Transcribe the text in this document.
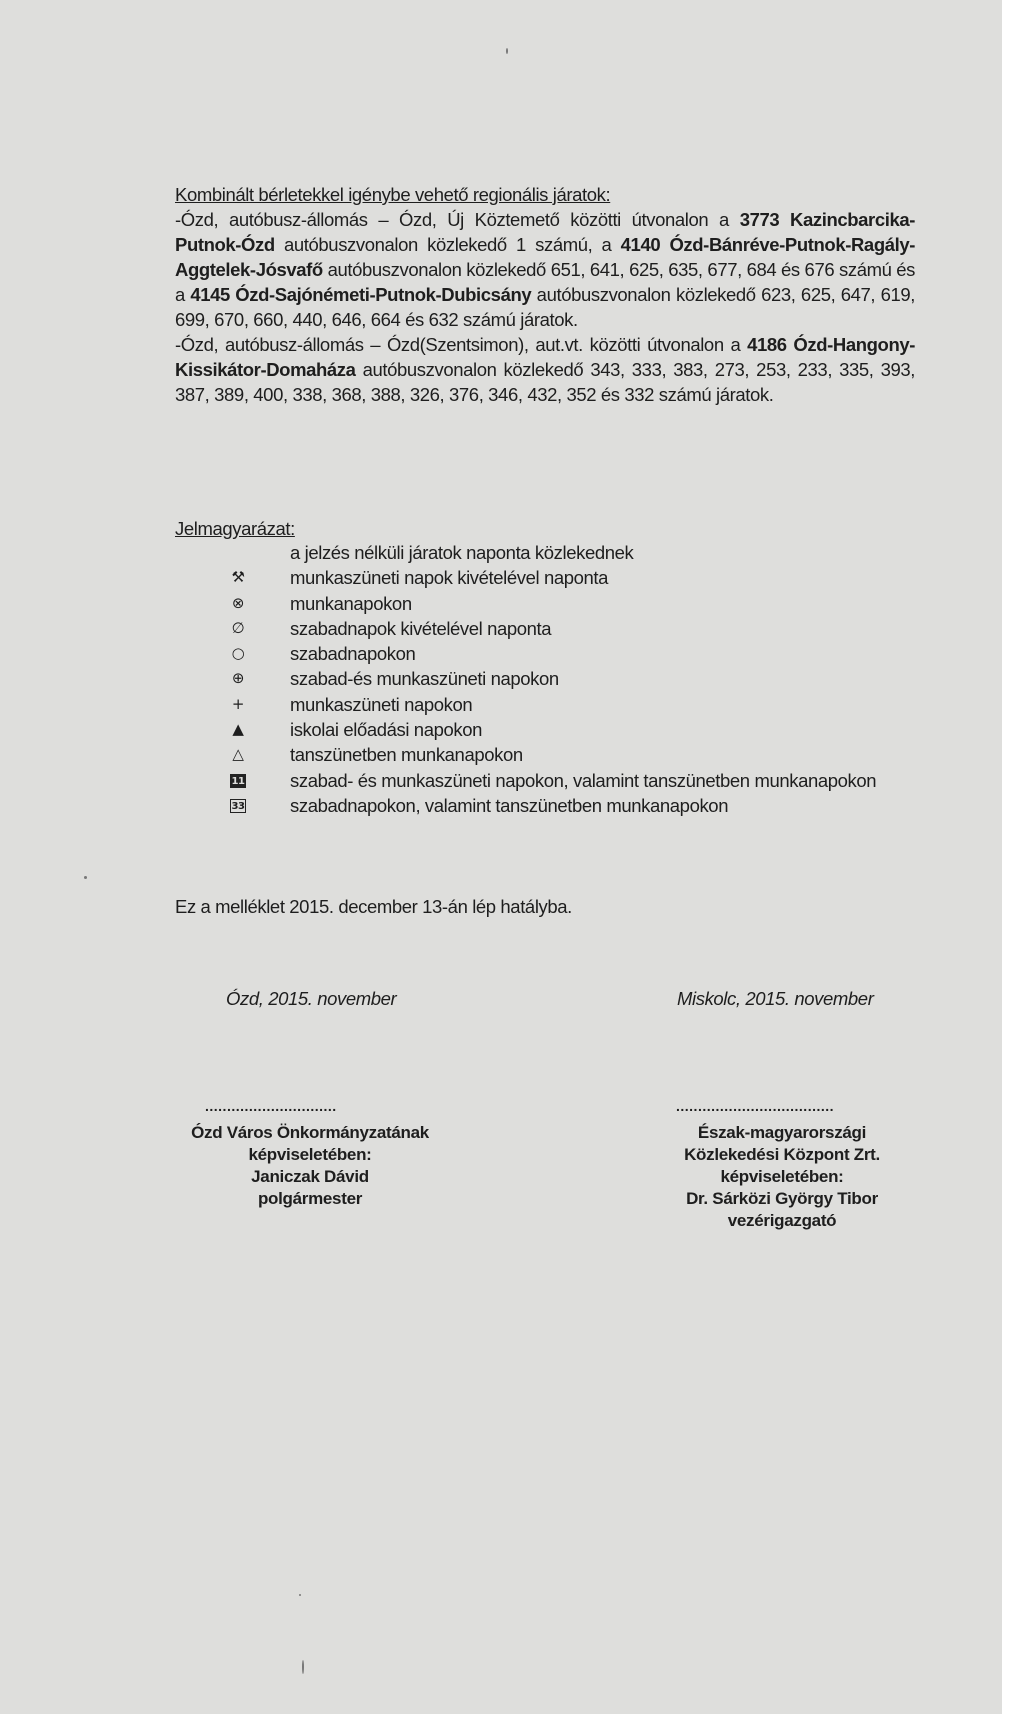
Kombinált bérletekkel igénybe vehető regionális járatok:

-Ózd, autóbusz-állomás – Ózd, Új Köztemető közötti útvonalon a 3773 Kazincbarcika-Putnok-Ózd autóbuszvonalon közlekedő 1 számú, a 4140 Ózd-Bánréve-Putnok-Ragály-Aggtelek-Jósvafő autóbuszvonalon közlekedő 651, 641, 625, 635, 677, 684 és 676 számú és a 4145 Ózd-Sajónémeti-Putnok-Dubicsány autóbuszvonalon közlekedő 623, 625, 647, 619, 699, 670, 660, 440, 646, 664 és 632 számú járatok.

-Ózd, autóbusz-állomás – Ózd(Szentsimon), aut.vt. közötti útvonalon a 4186 Ózd-Hangony-Kissikátor-Domaháza autóbuszvonalon közlekedő 343, 333, 383, 273, 253, 233, 335, 393, 387, 389, 400, 338, 368, 388, 326, 376, 346, 432, 352 és 332 számú járatok.

Jelmagyarázat:
a jelzés nélküli járatok naponta közlekednek
⚒	munkaszüneti napok kivételével naponta
⊗	munkanapokon
∅	szabadnapok kivételével naponta
○	szabadnapokon
⊕	szabad-és munkaszüneti napokon
+	munkaszüneti napokon
▲	iskolai előadási napokon
△	tanszünetben munkanapokon
11 szabad- és munkaszüneti napokon, valamint tanszünetben munkanapokon
33 szabadnapokon, valamint tanszünetben munkanapokon
Ez a melléklet 2015. december 13-án lép hatályba.
Ózd, 2015. november	Miskolc, 2015. november
..............................	....................................
Ózd Város Önkormányzatának
képviseletében:
Janiczak Dávid
polgármester
Észak-magyarországi
Közlekedési Központ Zrt.
képviseletében:
Dr. Sárközi György Tibor
vezérigazgató
